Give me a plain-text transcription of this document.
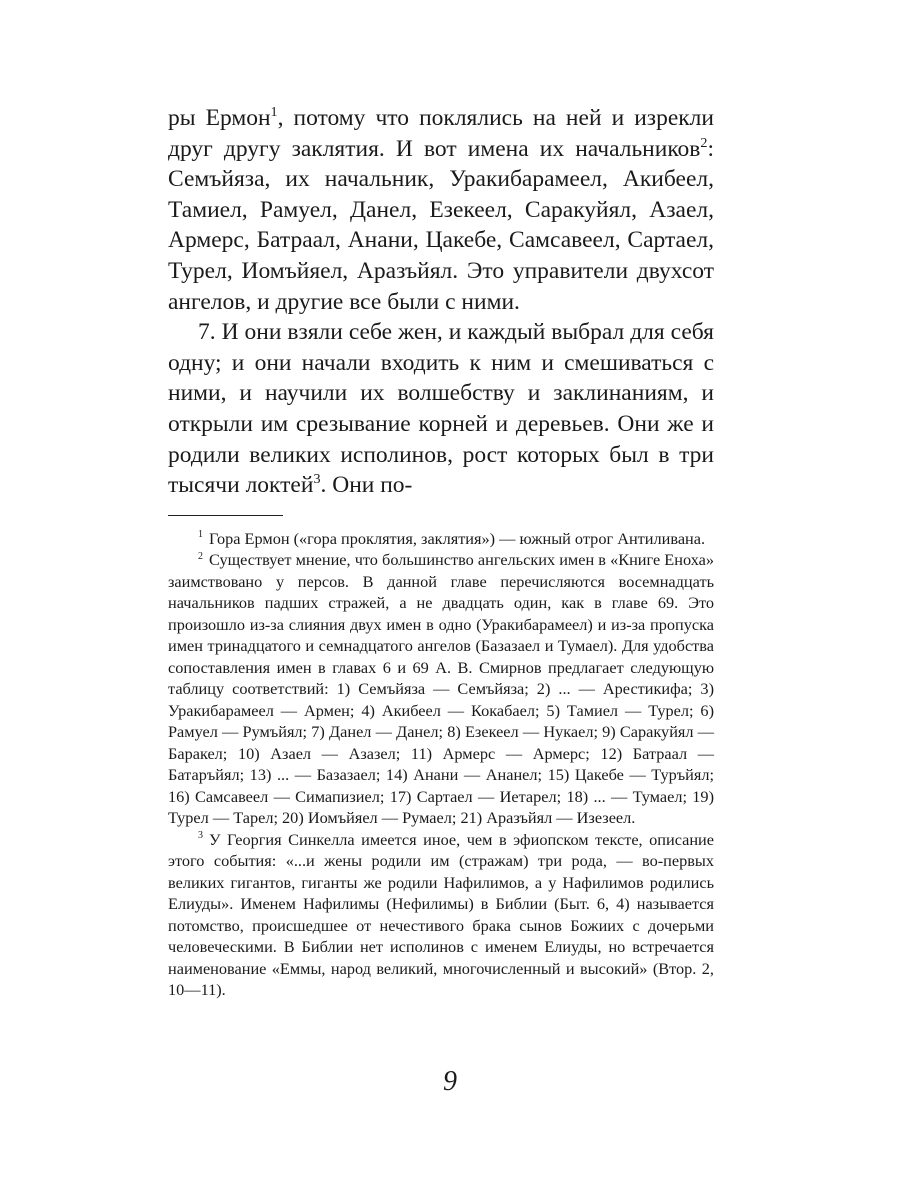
ры Ермон$^1$, потому что поклялись на ней и изрекли друг другу заклятия. И вот имена их начальников$^2$: Семъйяза, их начальник, Уракибарамеел, Акибеел, Тамиел, Рамуел, Данел, Езекеел, Саракуйял, Азаел, Армерс, Батраал, Анани, Цакебе, Самсавеел, Сартаел, Турел, Иомъйяел, Аразъйял. Это управители двухсот ангелов, и другие все были с ними.

7. И они взяли себе жен, и каждый выбрал для себя одну; и они начали входить к ним и смешиваться с ними, и научили их волшебству и заклинаниям, и открыли им срезывание корней и деревьев. Они же и родили великих исполинов, рост которых был в три тысячи локтей$^3$. Они по-

$^1$ Гора Ермон («гора проклятия, заклятия») — южный отрог Антиливана.

$^2$ Существует мнение, что большинство ангельских имен в «Книге Еноха» заимствовано у персов. В данной главе перечисляются восемнадцать начальников падших стражей, а не двадцать один, как в главе 69. Это произошло из-за слияния двух имен в одно (Уракибарамеел) и из-за пропуска имен тринадцатого и семнадцатого ангелов (Базазаел и Тумаел). Для удобства сопоставления имен в главах 6 и 69 А. В. Смирнов предлагает следующую таблицу соответствий: 1) Семъйяза — Семъйяза; 2) ... — Арестикифа; 3) Уракибарамеел — Армен; 4) Акибеел — Кокабаел; 5) Тамиел — Турел; 6) Рамуел — Румъйял; 7) Данел — Данел; 8) Езекеел — Нукаел; 9) Саракуйял — Баракел; 10) Азаел — Азазел; 11) Армерс — Армерс; 12) Батраал — Батаръйял; 13) ... — Базазаел; 14) Анани — Ананел; 15) Цакебе — Туръйял; 16) Самсавеел — Симапизиел; 17) Сартаел — Иетарел; 18) ... — Тумаел; 19) Турел — Тарел; 20) Иомъйяел — Румаел; 21) Аразъйял — Изезеел.

$^3$ У Георгия Синкелла имеется иное, чем в эфиопском тексте, описание этого события: «...и жены родили им (стражам) три рода, — во-первых великих гигантов, гиганты же родили Нафилимов, а у Нафилимов родились Елиуды». Именем Нафилимы (Нефилимы) в Библии (Быт. 6, 4) называется потомство, происшедшее от нечестивого брака сынов Божиих с дочерьми человеческими. В Библии нет исполинов с именем Елиуды, но встречается наименование «Еммы, народ великий, многочисленный и высокий» (Втор. 2, 10—11).

9
